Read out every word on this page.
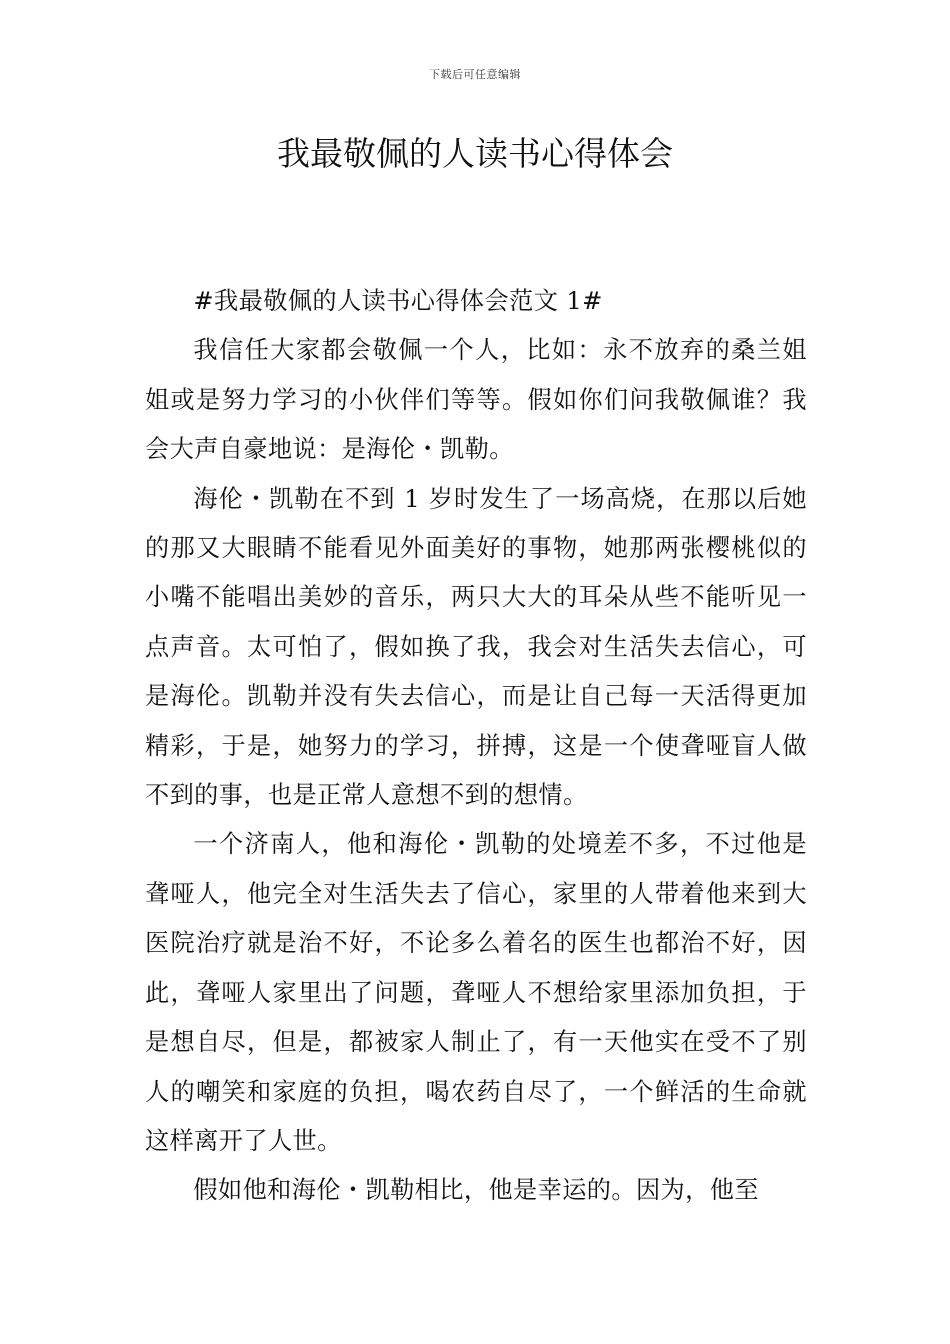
下载后可任意编辑
我最敬佩的人读书心得体会

#我最敬佩的人读书心得体会范文 1#

我信任大家都会敬佩一个人，比如：永不放弃的桑兰姐姐或是努力学习的小伙伴们等等。假如你们问我敬佩谁？我会大声自豪地说：是海伦・凯勒。

海伦・凯勒在不到 1 岁时发生了一场高烧，在那以后她的那又大眼睛不能看见外面美好的事物，她那两张樱桃似的小嘴不能唱出美妙的音乐，两只大大的耳朵从些不能听见一点声音。太可怕了，假如换了我，我会对生活失去信心，可是海伦。凯勒并没有失去信心，而是让自己每一天活得更加精彩，于是，她努力的学习，拼搏，这是一个使聋哑盲人做不到的事，也是正常人意想不到的想情。

一个济南人，他和海伦・凯勒的处境差不多，不过他是聋哑人，他完全对生活失去了信心，家里的人带着他来到大医院治疗就是治不好，不论多么着名的医生也都治不好，因此，聋哑人家里出了问题，聋哑人不想给家里添加负担，于是想自尽，但是，都被家人制止了，有一天他实在受不了别人的嘲笑和家庭的负担，喝农药自尽了，一个鲜活的生命就这样离开了人世。

假如他和海伦・凯勒相比，他是幸运的。因为，他至
